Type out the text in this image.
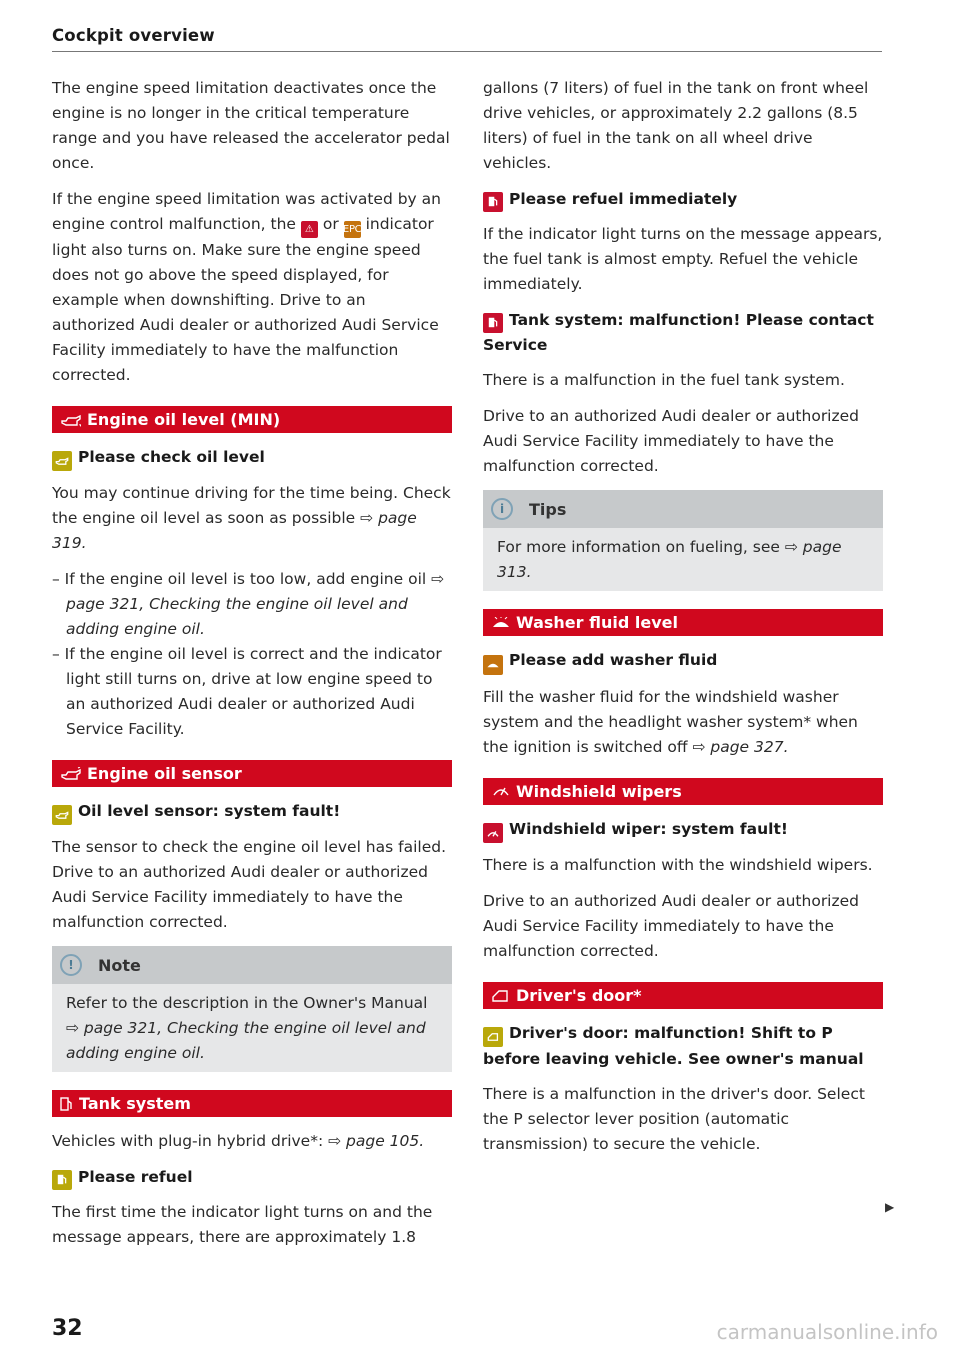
Cockpit overview

The engine speed limitation deactivates once the engine is no longer in the critical temperature range and you have released the accelerator pedal once.

If the engine speed limitation was activated by an engine control malfunction, the ⚠ or EPC indicator light also turns on. Make sure the engine speed does not go above the speed displayed, for example when downshifting. Drive to an authorized Audi dealer or authorized Audi Service Facility immediately to have the malfunction corrected.

Engine oil level (MIN)
Please check oil level

You may continue driving for the time being. Check the engine oil level as soon as possible ⇨ page 319.

– If the engine oil level is too low, add engine oil ⇨ page 321, Checking the engine oil level and adding engine oil.
– If the engine oil level is correct and the indicator light still turns on, drive at low engine speed to an authorized Audi dealer or authorized Audi Service Facility.
Engine oil sensor
Oil level sensor: system fault!

The sensor to check the engine oil level has failed. Drive to an authorized Audi dealer or authorized Audi Service Facility immediately to have the malfunction corrected.

!	Note

Refer to the description in the Owner's Manual ⇨ page 321, Checking the engine oil level and adding engine oil.

Tank system

Vehicles with plug-in hybrid drive*: ⇨ page 105.

Please refuel

The first time the indicator light turns on and the message appears, there are approximately 1.8

gallons (7 liters) of fuel in the tank on front wheel drive vehicles, or approximately 2.2 gallons (8.5 liters) of fuel in the tank on all wheel drive vehicles.

Please refuel immediately

If the indicator light turns on the message appears, the fuel tank is almost empty. Refuel the vehicle immediately.

Tank system: malfunction! Please contact Service

There is a malfunction in the fuel tank system.

Drive to an authorized Audi dealer or authorized Audi Service Facility immediately to have the malfunction corrected.

i	Tips

For more information on fueling, see ⇨ page 313.

Washer fluid level
Please add washer fluid

Fill the washer fluid for the windshield washer system and the headlight washer system* when the ignition is switched off ⇨ page 327.

Windshield wipers
Windshield wiper: system fault!

There is a malfunction with the windshield wipers.

Drive to an authorized Audi dealer or authorized Audi Service Facility immediately to have the malfunction corrected.

Driver's door*
Driver's door: malfunction! Shift to P before leaving vehicle. See owner's manual

There is a malfunction in the driver's door. Select the P selector lever position (automatic transmission) to secure the vehicle.

▶
32	carmanualsonline.info
